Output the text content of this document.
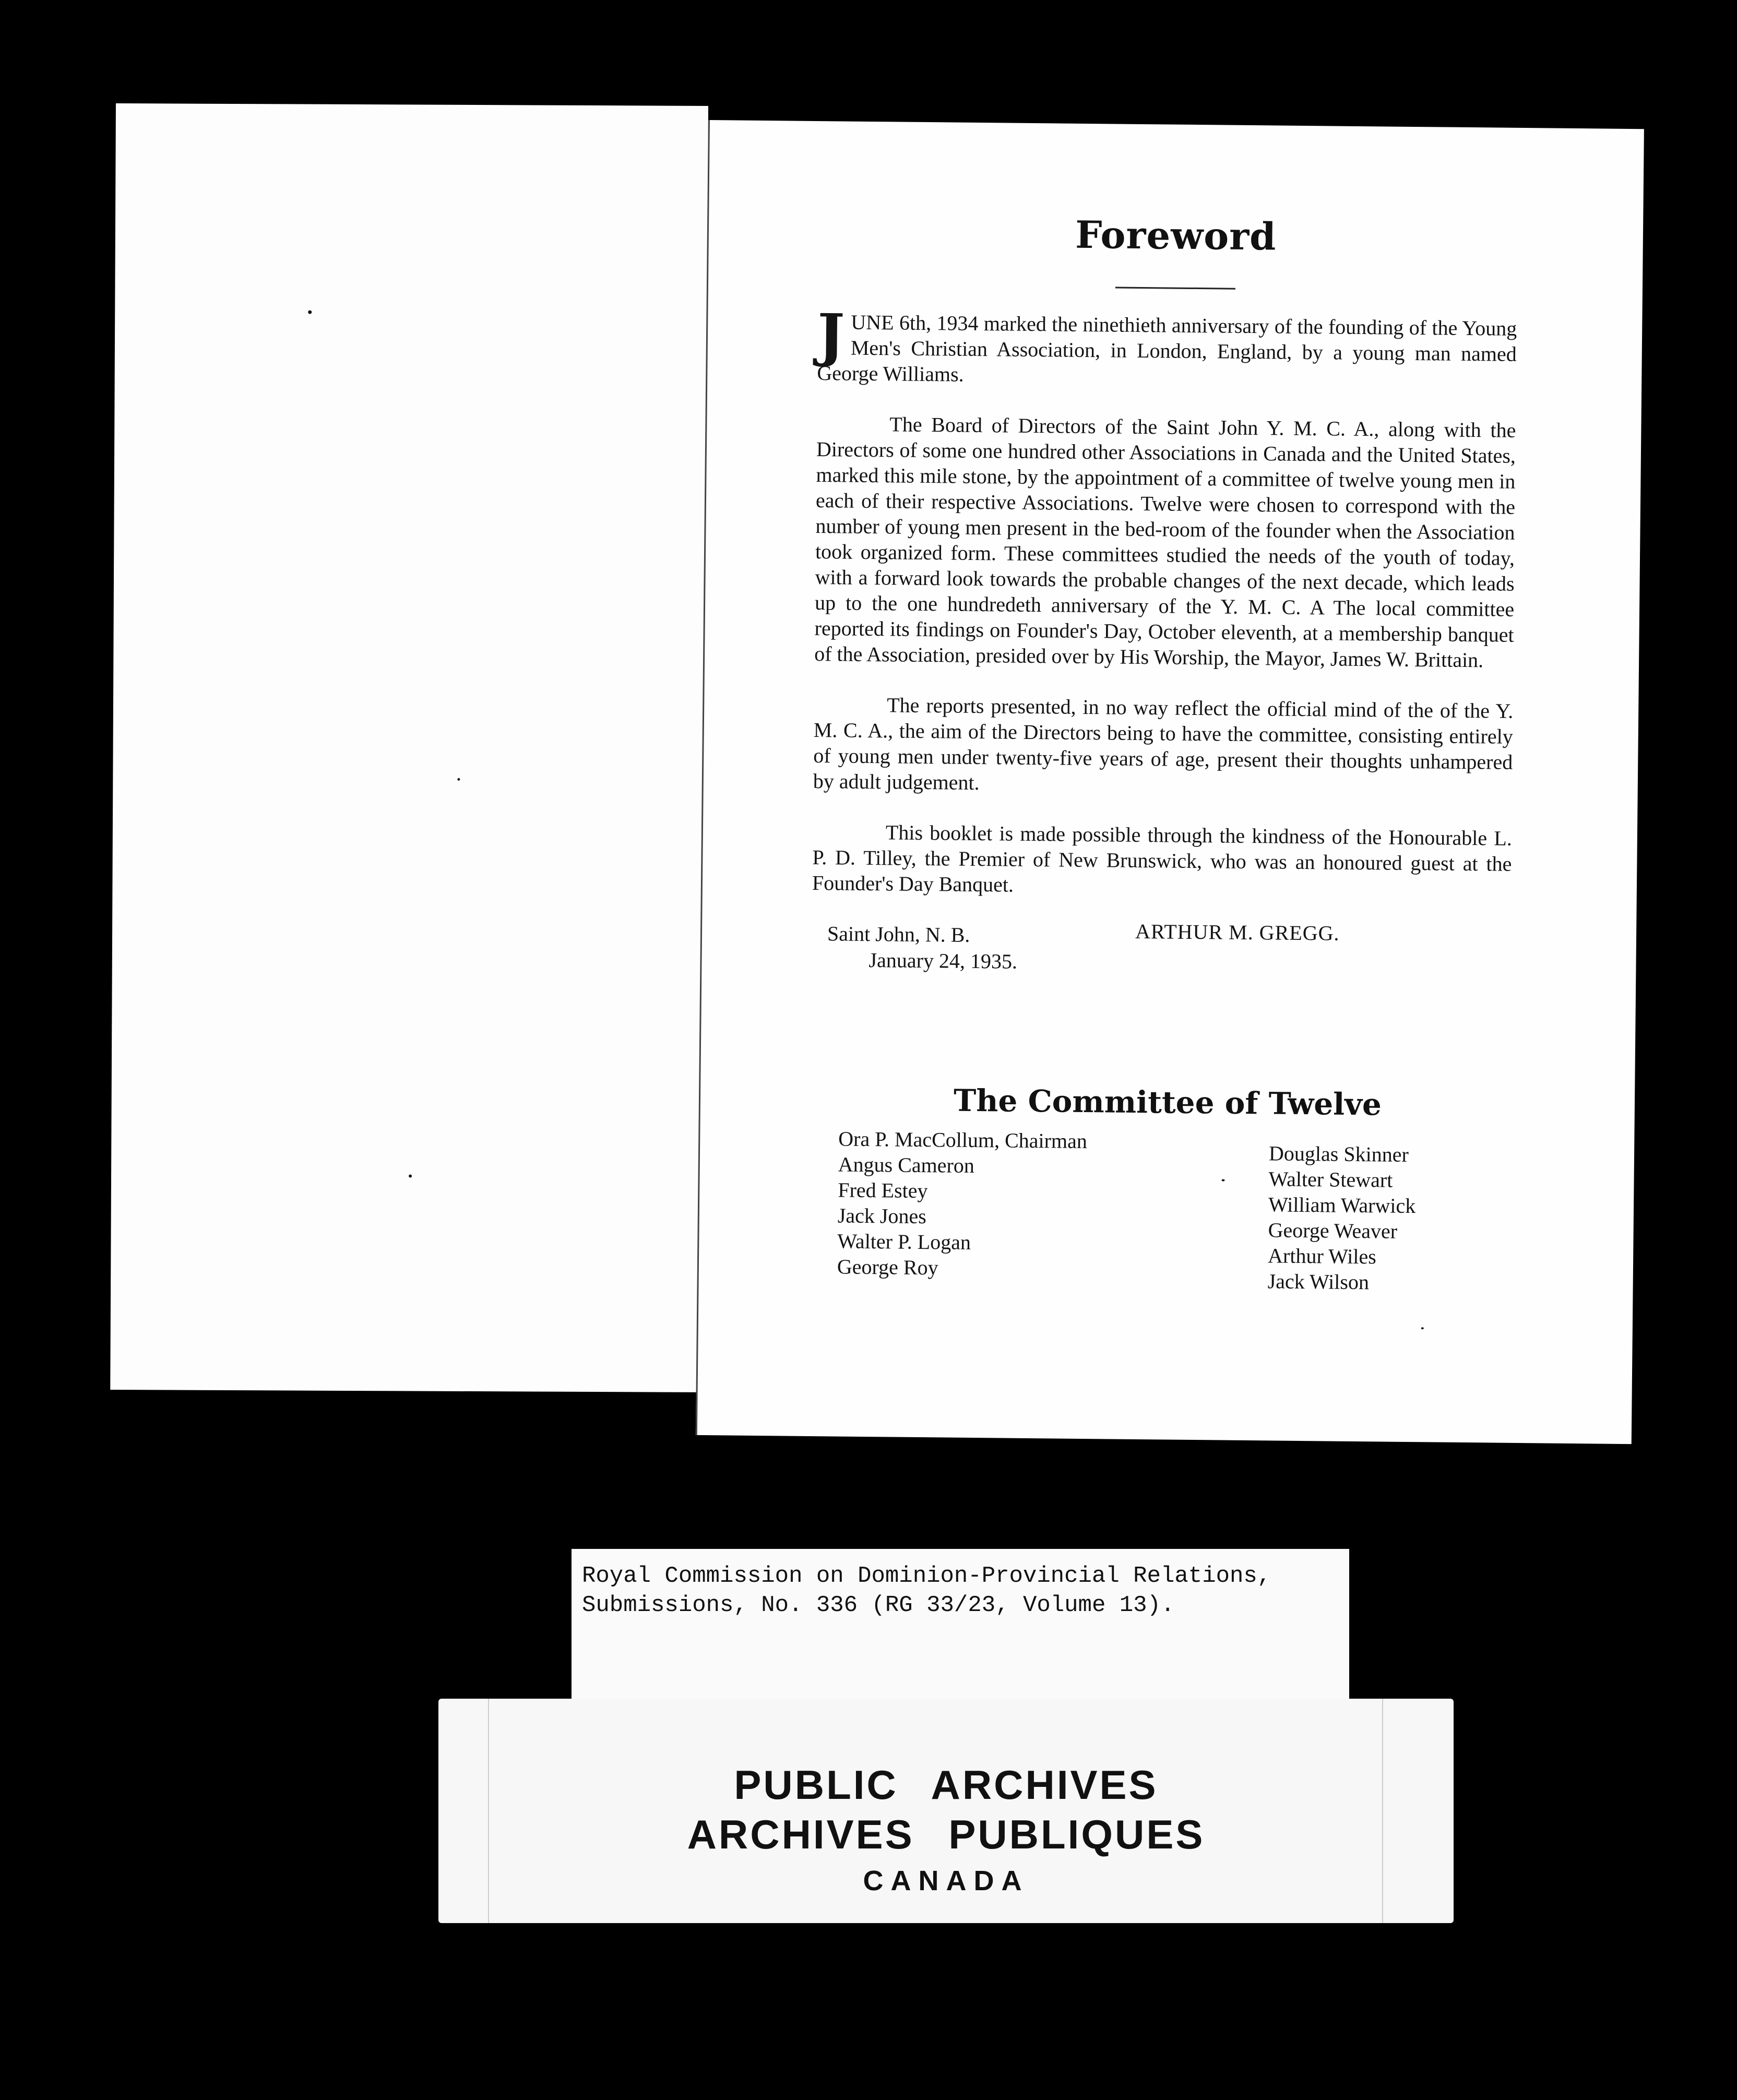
Foreword

JUNE 6th, 1934 marked the ninethieth anniversary of the founding of the Young Men's Christian Association, in London, England, by a young man named George Williams.

The Board of Directors of the Saint John Y. M. C. A., along with the Directors of some one hundred other Associations in Canada and the United States, marked this mile stone, by the appointment of a committee of twelve young men in each of their respective Associations. Twelve were chosen to correspond with the number of young men present in the bed-room of the founder when the Association took organized form. These committees studied the needs of the youth of today, with a forward look towards the probable changes of the next decade, which leads up to the one hundredeth anniversary of the Y. M. C. A The local committee reported its findings on Founder's Day, October eleventh, at a membership banquet of the Association, presided over by His Worship, the Mayor, James W. Brittain.

The reports presented, in no way reflect the official mind of the of the Y. M. C. A., the aim of the Directors being to have the committee, consisting entirely of young men under twenty-five years of age, present their thoughts unhampered by adult judgement.

This booklet is made possible through the kindness of the Honourable L. P. D. Tilley, the Premier of New Brunswick, who was an honoured guest at the Founder's Day Banquet.

Saint John, N. B.
January 24, 1935.
ARTHUR M. GREGG.
The Committee of Twelve
Ora P. MacCollum, Chairman
Angus Cameron
Fred Estey
Jack Jones
Walter P. Logan
George Roy
Douglas Skinner
Walter Stewart
William Warwick
George Weaver
Arthur Wiles
Jack Wilson
Royal Commission on Dominion-Provincial Relations,
Submissions, No. 336 (RG 33/23, Volume 13).
PUBLIC ARCHIVES
ARCHIVES PUBLIQUES
CANADA
